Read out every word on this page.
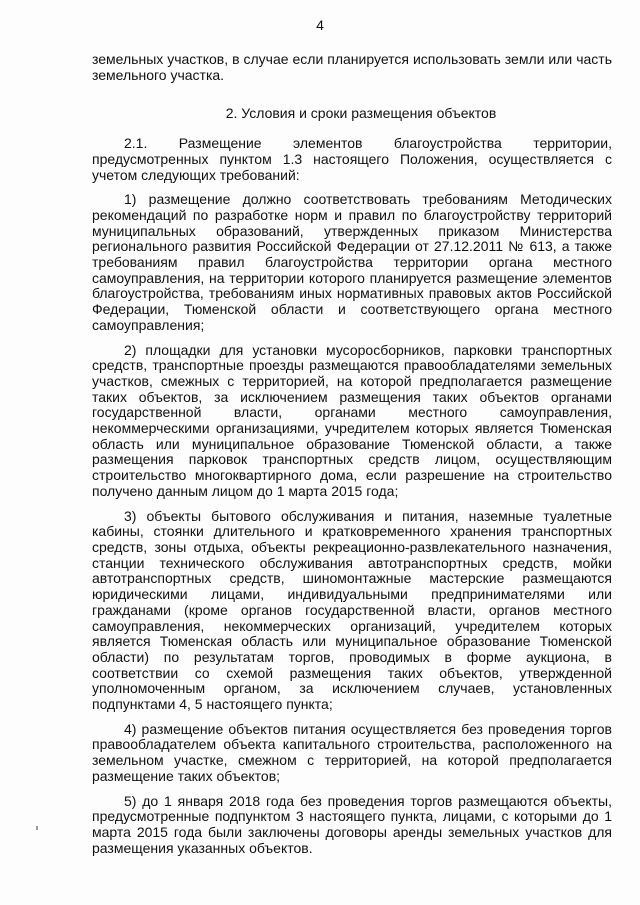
4

земельных участков, в случае если планируется использовать земли или часть земельного участка.

2. Условия и сроки размещения объектов

2.1. Размещение элементов благоустройства территории, предусмотренных пунктом 1.3 настоящего Положения, осуществляется с учетом следующих требований:

1) размещение должно соответствовать требованиям Методических рекомендаций по разработке норм и правил по благоустройству территорий муниципальных образований, утвержденных приказом Министерства регионального развития Российской Федерации от 27.12.2011 № 613, а также требованиям правил благоустройства территории органа местного самоуправления, на территории которого планируется размещение элементов благоустройства, требованиям иных нормативных правовых актов Российской Федерации, Тюменской области и соответствующего органа местного самоуправления;

2) площадки для установки мусоросборников, парковки транспортных средств, транспортные проезды размещаются правообладателями земельных участков, смежных с территорией, на которой предполагается размещение таких объектов, за исключением размещения таких объектов органами государственной власти, органами местного самоуправления, некоммерческими организациями, учредителем которых является Тюменская область или муниципальное образование Тюменской области, а также размещения парковок транспортных средств лицом, осуществляющим строительство многоквартирного дома, если разрешение на строительство получено данным лицом до 1 марта 2015 года;

3) объекты бытового обслуживания и питания, наземные туалетные кабины, стоянки длительного и кратковременного хранения транспортных средств, зоны отдыха, объекты рекреационно-развлекательного назначения, станции технического обслуживания автотранспортных средств, мойки автотранспортных средств, шиномонтажные мастерские размещаются юридическими лицами, индивидуальными предпринимателями или гражданами (кроме органов государственной власти, органов местного самоуправления, некоммерческих организаций, учредителем которых является Тюменская область или муниципальное образование Тюменской области) по результатам торгов, проводимых в форме аукциона, в соответствии со схемой размещения таких объектов, утвержденной уполномоченным органом, за исключением случаев, установленных подпунктами 4, 5 настоящего пункта;

4) размещение объектов питания осуществляется без проведения торгов правообладателем объекта капитального строительства, расположенного на земельном участке, смежном с территорией, на которой предполагается размещение таких объектов;

5) до 1 января 2018 года без проведения торгов размещаются объекты, предусмотренные подпунктом 3 настоящего пункта, лицами, с которыми до 1 марта 2015 года были заключены договоры аренды земельных участков для размещения указанных объектов.
